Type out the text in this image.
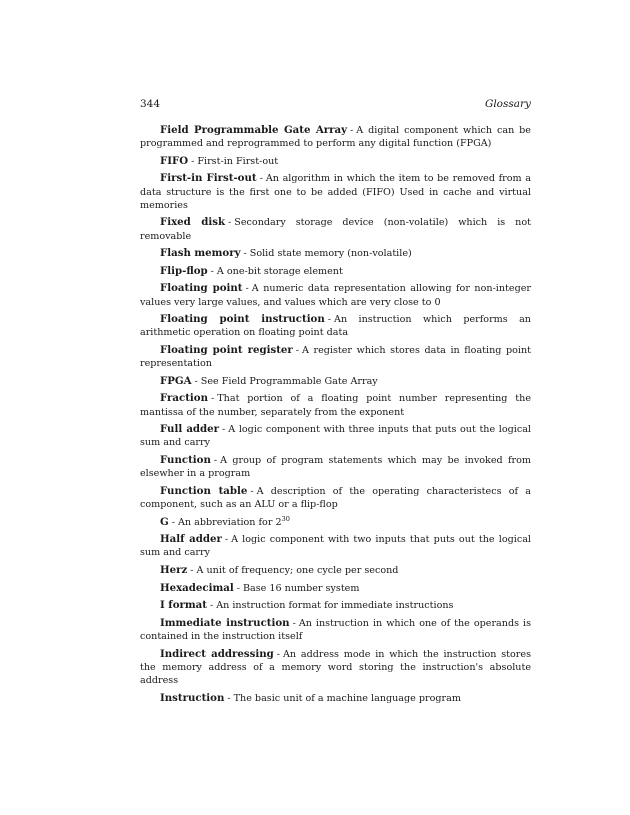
344	Glossary

Field Programmable Gate Array - A digital component which can be programmed and reprogrammed to perform any digital function (FPGA)

FIFO - First-in First-out

First-in First-out - An algorithm in which the item to be removed from a data structure is the first one to be added (FIFO) Used in cache and virtual memories

Fixed disk - Secondary storage device (non-volatile) which is not removable

Flash memory - Solid state memory (non-volatile)

Flip-flop - A one-bit storage element

Floating point - A numeric data representation allowing for non-integer values very large values, and values which are very close to 0

Floating point instruction - An instruction which performs an arithmetic operation on floating point data

Floating point register - A register which stores data in floating point representation

FPGA - See Field Programmable Gate Array

Fraction - That portion of a floating point number representing the mantissa of the number, separately from the exponent

Full adder - A logic component with three inputs that puts out the logical sum and carry

Function - A group of program statements which may be invoked from elsewher in a program

Function table - A description of the operating characteristecs of a component, such as an ALU or a flip-flop

G - An abbreviation for $2^{30}$

Half adder - A logic component with two inputs that puts out the logical sum and carry

Herz - A unit of frequency; one cycle per second

Hexadecimal - Base 16 number system

I format - An instruction format for immediate instructions

Immediate instruction - An instruction in which one of the operands is contained in the instruction itself

Indirect addressing - An address mode in which the instruction stores the memory address of a memory word storing the instruction's absolute address

Instruction - The basic unit of a machine language program
